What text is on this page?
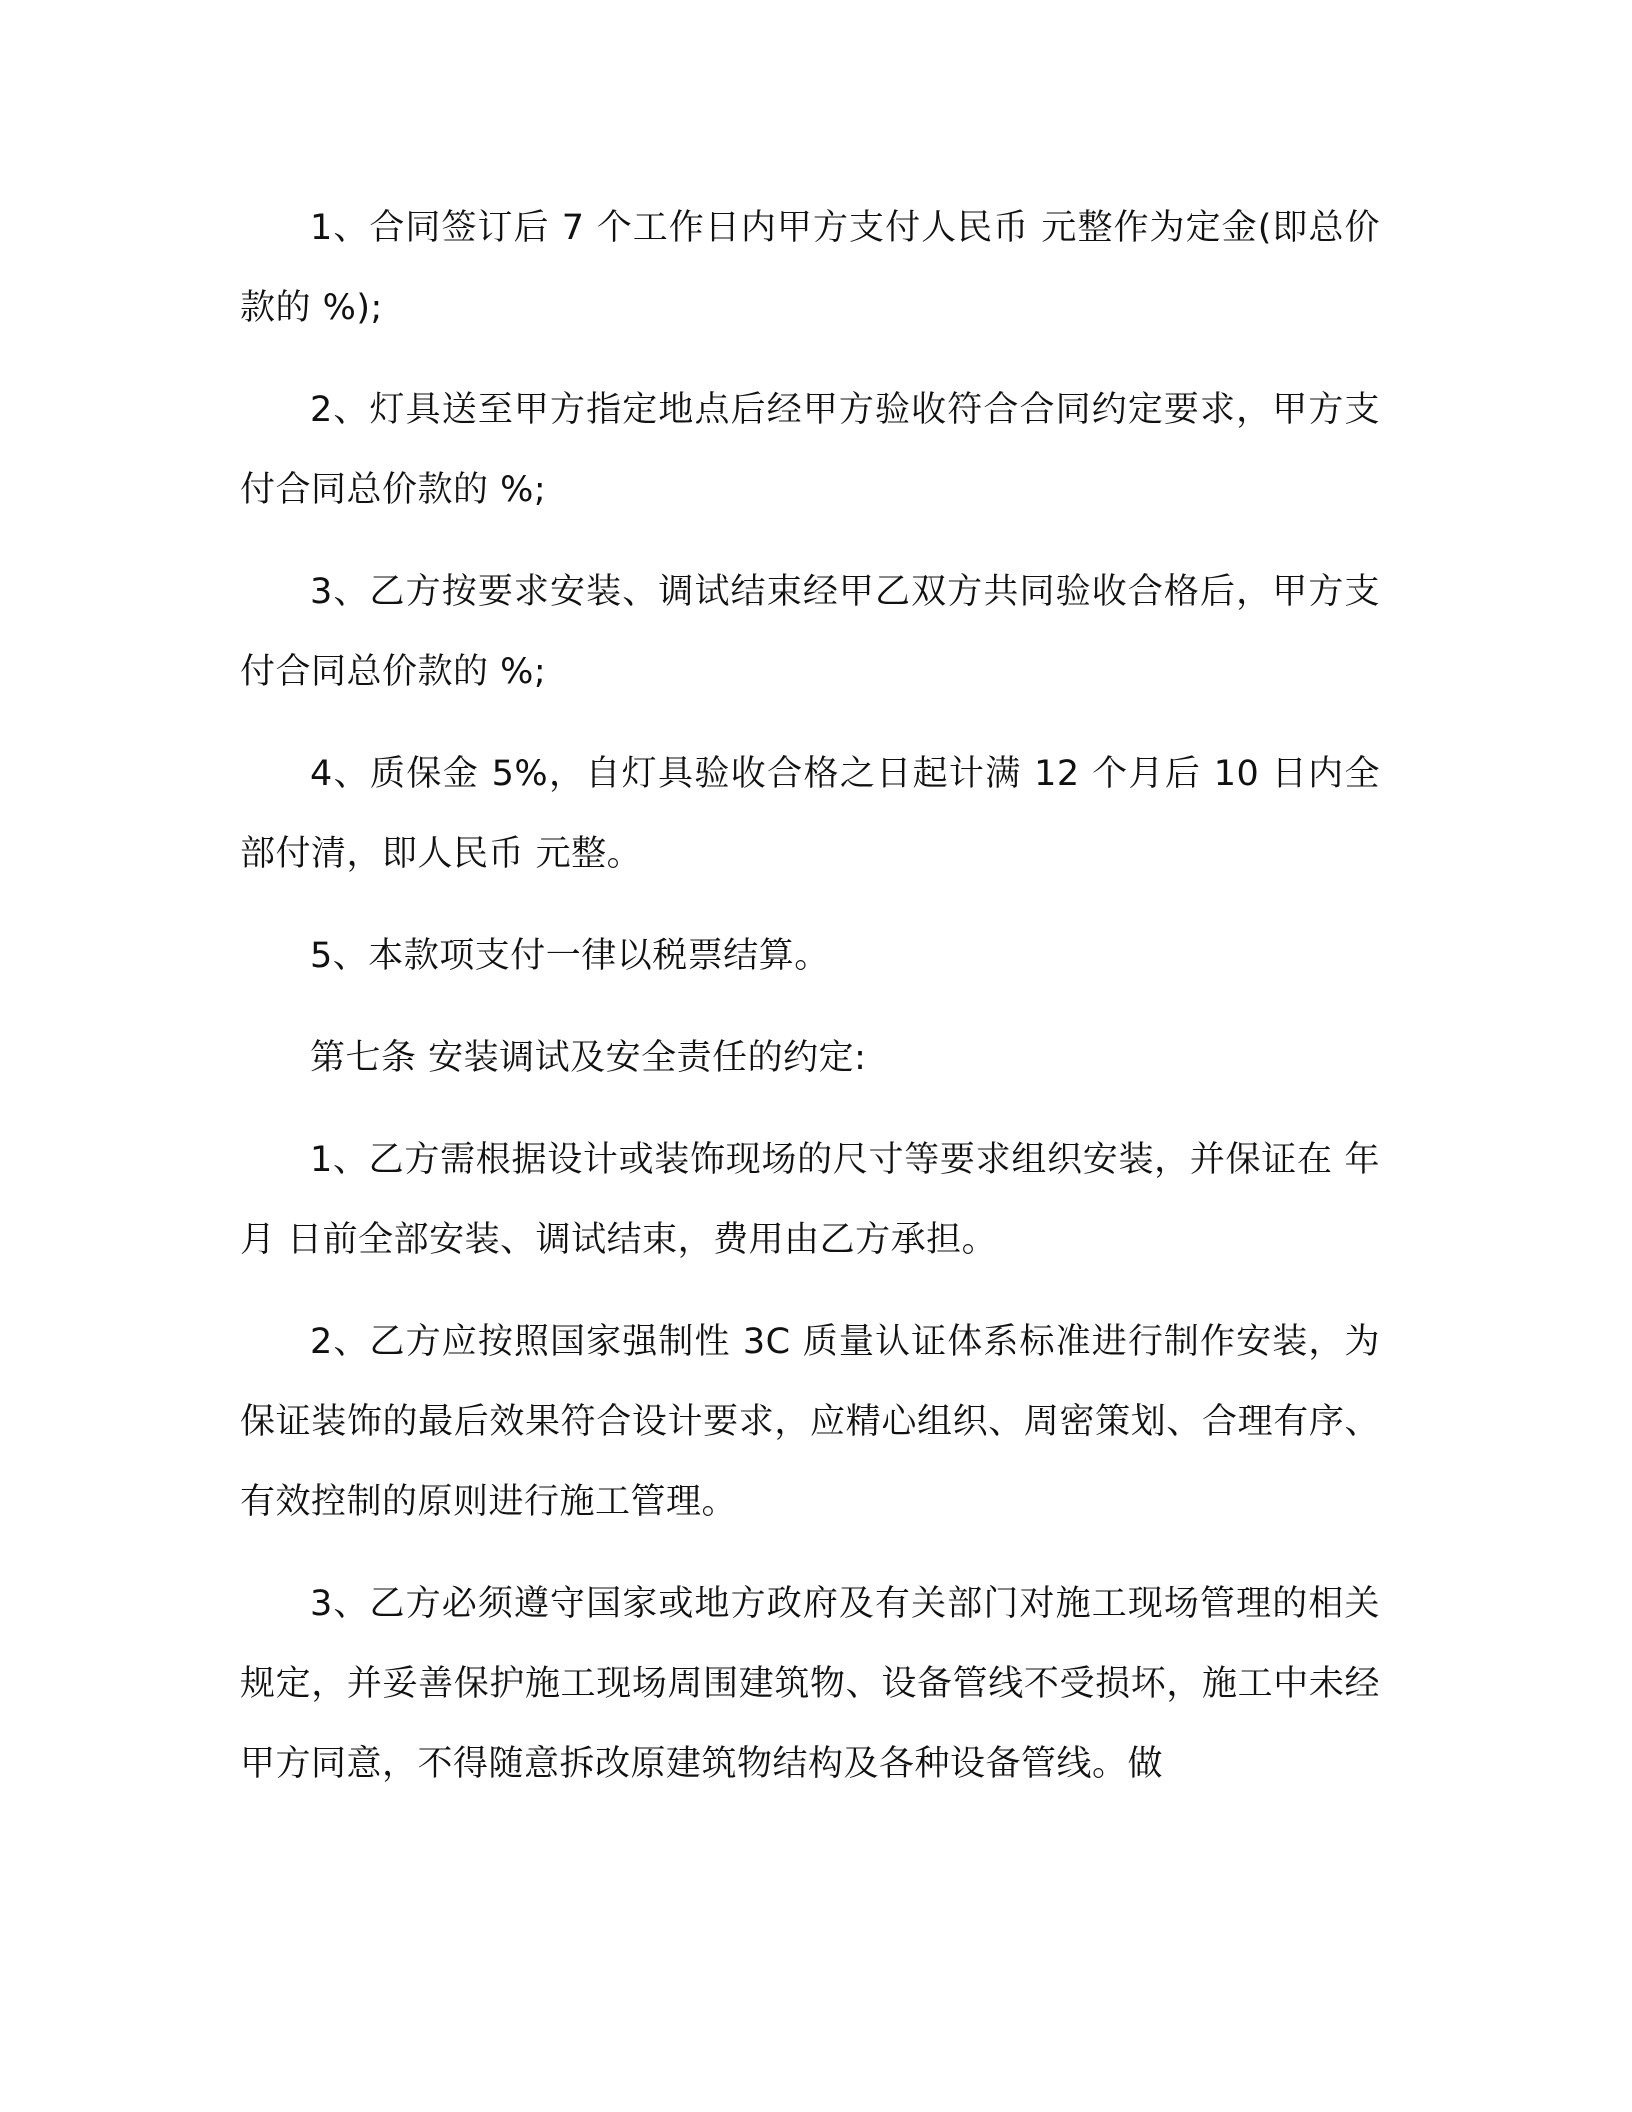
1、合同签订后 7 个工作日内甲方支付人民币 元整作为定金(即总价款的 %);

2、灯具送至甲方指定地点后经甲方验收符合合同约定要求，甲方支付合同总价款的 %;

3、乙方按要求安装、调试结束经甲乙双方共同验收合格后，甲方支付合同总价款的 %;

4、质保金 5%，自灯具验收合格之日起计满 12 个月后 10 日内全部付清，即人民币 元整。

5、本款项支付一律以税票结算。

第七条 安装调试及安全责任的约定:

1、乙方需根据设计或装饰现场的尺寸等要求组织安装，并保证在 年 月 日前全部安装、调试结束，费用由乙方承担。

2、乙方应按照国家强制性 3C 质量认证体系标准进行制作安装，为保证装饰的最后效果符合设计要求，应精心组织、周密策划、合理有序、有效控制的原则进行施工管理。

3、乙方必须遵守国家或地方政府及有关部门对施工现场管理的相关规定，并妥善保护施工现场周围建筑物、设备管线不受损坏，施工中未经甲方同意，不得随意拆改原建筑物结构及各种设备管线。做
